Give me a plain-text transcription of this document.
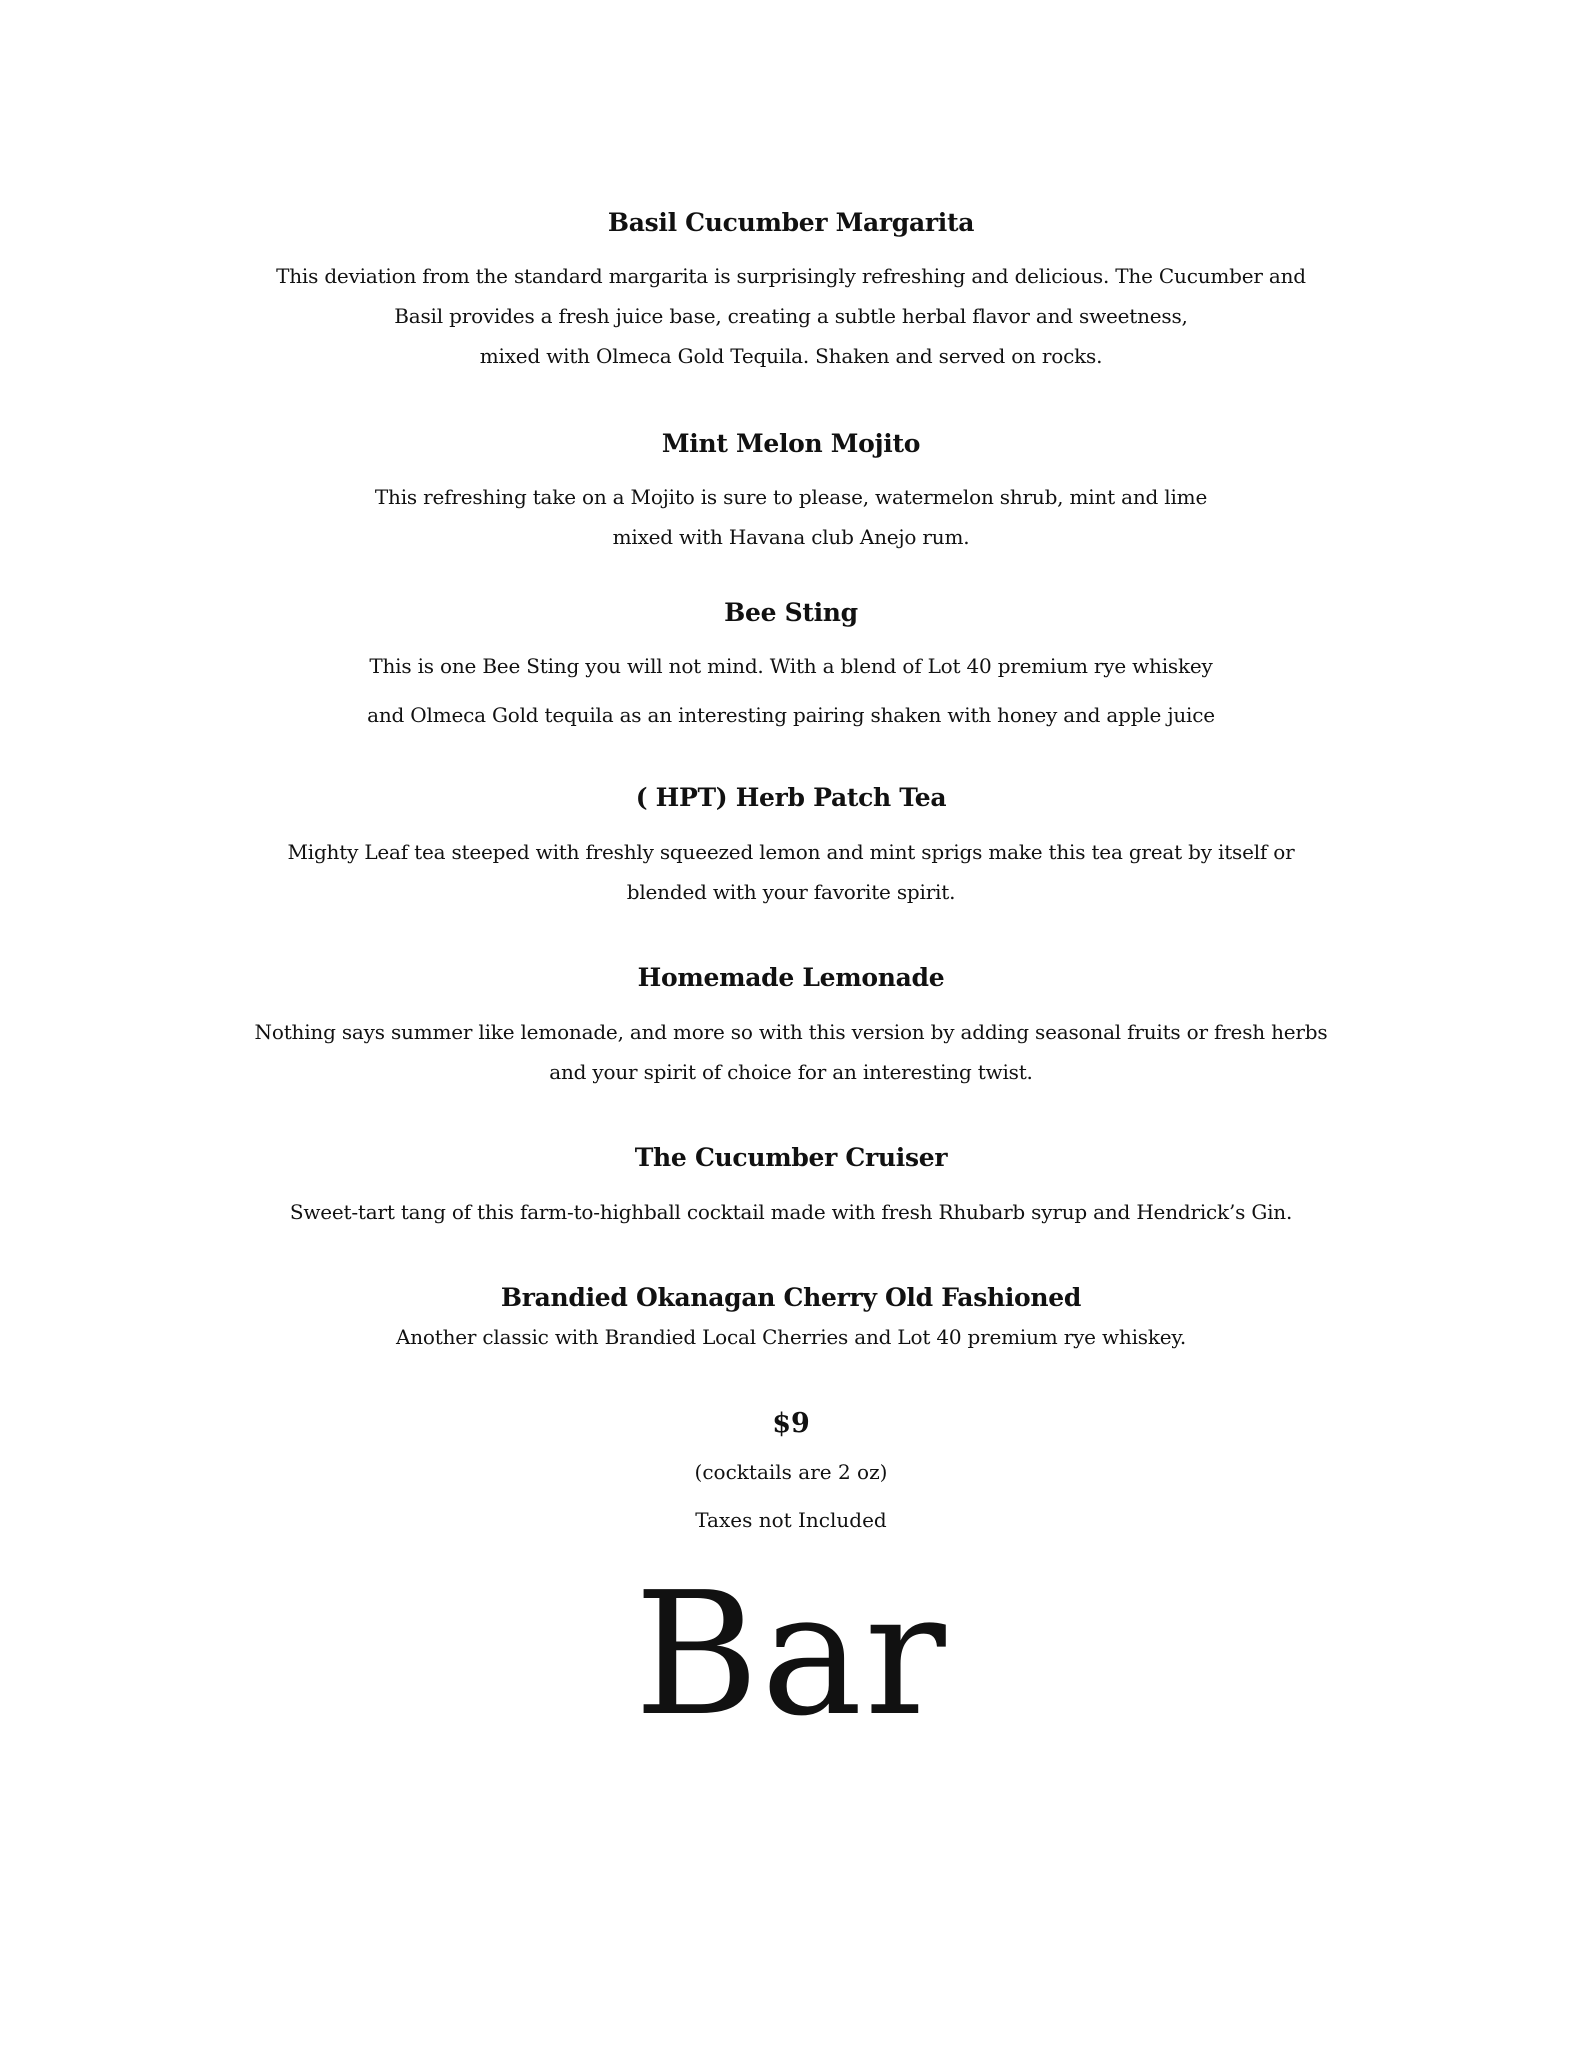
Basil Cucumber Margarita
This deviation from the standard margarita is surprisingly refreshing and delicious. The Cucumber and
Basil provides a fresh juice base, creating a subtle herbal flavor and sweetness,
mixed with Olmeca Gold Tequila. Shaken and served on rocks.
Mint Melon Mojito
This refreshing take on a Mojito is sure to please, watermelon shrub, mint and lime
mixed with Havana club Anejo rum.
Bee Sting
This is one Bee Sting you will not mind. With a blend of Lot 40 premium rye whiskey
and Olmeca Gold tequila as an interesting pairing shaken with honey and apple juice
( HPT) Herb Patch Tea
Mighty Leaf tea steeped with freshly squeezed lemon and mint sprigs make this tea great by itself or
blended with your favorite spirit.
Homemade Lemonade
Nothing says summer like lemonade, and more so with this version by adding seasonal fruits or fresh herbs
and your spirit of choice for an interesting twist.
The Cucumber Cruiser
Sweet-tart tang of this farm-to-highball cocktail made with fresh Rhubarb syrup and Hendrick’s Gin.
Brandied Okanagan Cherry Old Fashioned
Another classic with Brandied Local Cherries and Lot 40 premium rye whiskey.
$9
(cocktails are 2 oz)
Taxes not Included
Bar
